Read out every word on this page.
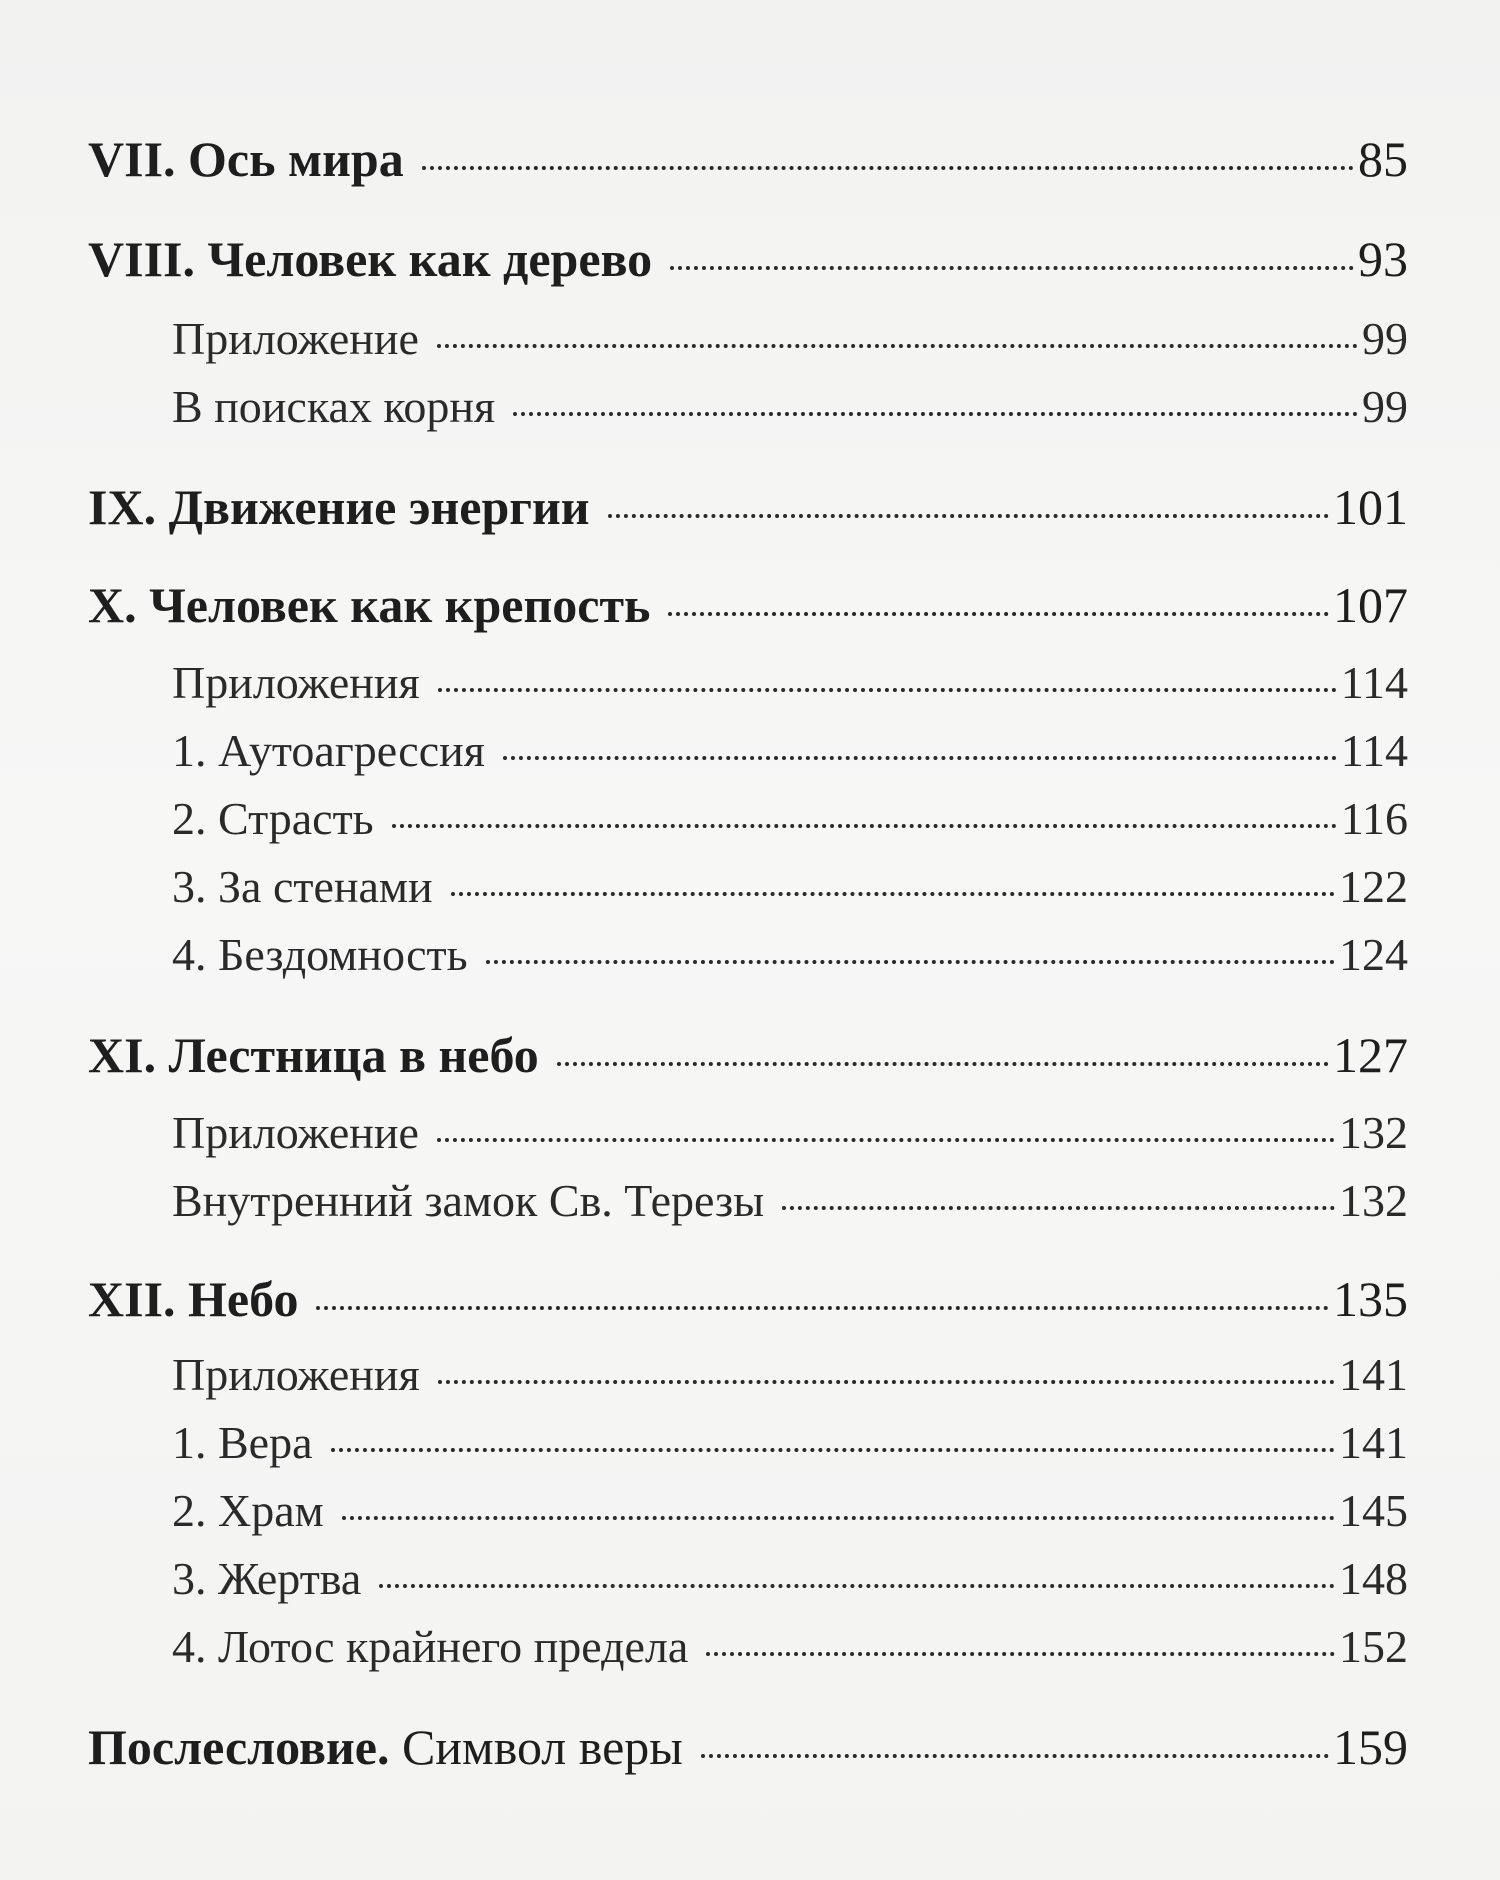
VII. Ось мира	85
VIII. Человек как дерево	93
Приложение	99
В поисках корня	99
IX. Движение энергии	101
X. Человек как крепость	107
Приложения	114
1. Аутоагрессия	114
2. Страсть	116
3. За стенами	122
4. Бездомность	124
XI. Лестница в небо	127
Приложение	132
Внутренний замок Св. Терезы	132
XII. Небо	135
Приложения	141
1. Вера	141
2. Храм	145
3. Жертва	148
4. Лотос крайнего предела	152
Послесловие. Символ веры	159
